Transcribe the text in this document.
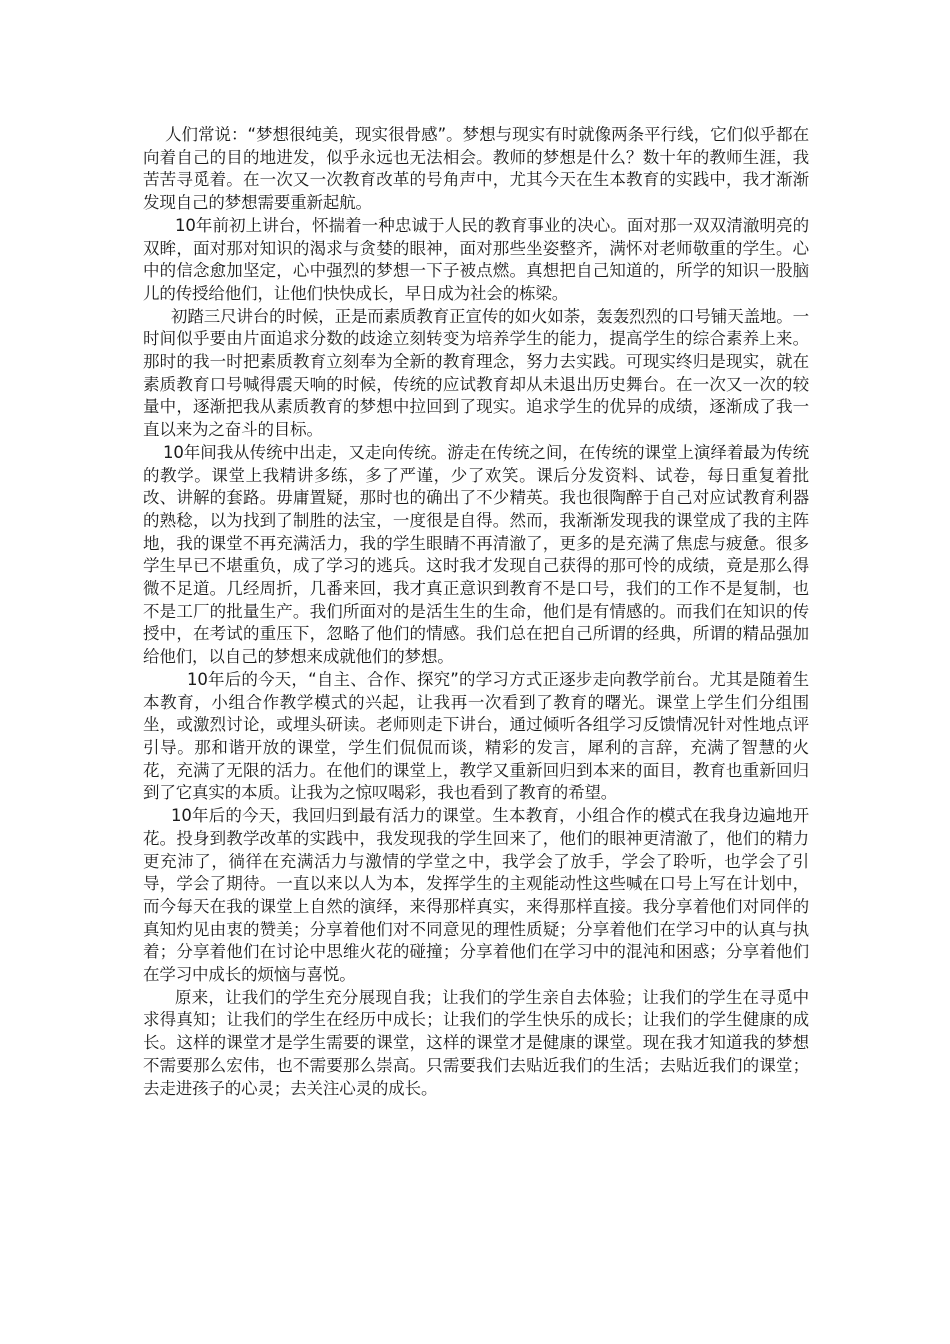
人们常说：“梦想很纯美，现实很骨感”。梦想与现实有时就像两条平行线，它们似乎都在向着自己的目的地进发，似乎永远也无法相会。教师的梦想是什么？数十年的教师生涯，我苦苦寻觅着。在一次又一次教育改革的号角声中，尤其今天在生本教育的实践中，我才渐渐发现自己的梦想需要重新起航。

10年前初上讲台，怀揣着一种忠诚于人民的教育事业的决心。面对那一双双清澈明亮的双眸，面对那对知识的渴求与贪婪的眼神，面对那些坐姿整齐，满怀对老师敬重的学生。心中的信念愈加坚定，心中强烈的梦想一下子被点燃。真想把自己知道的，所学的知识一股脑儿的传授给他们，让他们快快成长，早日成为社会的栋梁。

初踏三尺讲台的时候，正是而素质教育正宣传的如火如荼，轰轰烈烈的口号铺天盖地。一时间似乎要由片面追求分数的歧途立刻转变为培养学生的能力，提高学生的综合素养上来。那时的我一时把素质教育立刻奉为全新的教育理念，努力去实践。可现实终归是现实，就在素质教育口号喊得震天响的时候，传统的应试教育却从未退出历史舞台。在一次又一次的较量中，逐渐把我从素质教育的梦想中拉回到了现实。追求学生的优异的成绩，逐渐成了我一直以来为之奋斗的目标。

10年间我从传统中出走，又走向传统。游走在传统之间，在传统的课堂上演绎着最为传统的教学。课堂上我精讲多练，多了严谨，少了欢笑。课后分发资料、试卷，每日重复着批改、讲解的套路。毋庸置疑，那时也的确出了不少精英。我也很陶醉于自己对应试教育利器的熟稔，以为找到了制胜的法宝，一度很是自得。然而，我渐渐发现我的课堂成了我的主阵地，我的课堂不再充满活力，我的学生眼睛不再清澈了，更多的是充满了焦虑与疲惫。很多学生早已不堪重负，成了学习的逃兵。这时我才发现自己获得的那可怜的成绩，竟是那么得微不足道。几经周折，几番来回，我才真正意识到教育不是口号，我们的工作不是复制，也不是工厂的批量生产。我们所面对的是活生生的生命，他们是有情感的。而我们在知识的传授中，在考试的重压下，忽略了他们的情感。我们总在把自己所谓的经典，所谓的精品强加给他们，以自己的梦想来成就他们的梦想。

10年后的今天，“自主、合作、探究”的学习方式正逐步走向教学前台。尤其是随着生本教育，小组合作教学模式的兴起，让我再一次看到了教育的曙光。课堂上学生们分组围坐，或激烈讨论，或埋头研读。老师则走下讲台，通过倾听各组学习反馈情况针对性地点评引导。那和谐开放的课堂，学生们侃侃而谈，精彩的发言，犀利的言辞，充满了智慧的火花，充满了无限的活力。在他们的课堂上，教学又重新回归到本来的面目，教育也重新回归到了它真实的本质。让我为之惊叹喝彩，我也看到了教育的希望。

10年后的今天，我回归到最有活力的课堂。生本教育，小组合作的模式在我身边遍地开花。投身到教学改革的实践中，我发现我的学生回来了，他们的眼神更清澈了，他们的精力更充沛了，徜徉在充满活力与激情的学堂之中，我学会了放手，学会了聆听，也学会了引导，学会了期待。一直以来以人为本，发挥学生的主观能动性这些喊在口号上写在计划中，而今每天在我的课堂上自然的演绎，来得那样真实，来得那样直接。我分享着他们对同伴的真知灼见由衷的赞美；分享着他们对不同意见的理性质疑；分享着他们在学习中的认真与执着；分享着他们在讨论中思维火花的碰撞；分享着他们在学习中的混沌和困惑；分享着他们在学习中成长的烦恼与喜悦。

原来，让我们的学生充分展现自我；让我们的学生亲自去体验；让我们的学生在寻觅中求得真知；让我们的学生在经历中成长；让我们的学生快乐的成长；让我们的学生健康的成长。这样的课堂才是学生需要的课堂，这样的课堂才是健康的课堂。现在我才知道我的梦想不需要那么宏伟，也不需要那么崇高。只需要我们去贴近我们的生活；去贴近我们的课堂；去走进孩子的心灵；去关注心灵的成长。
